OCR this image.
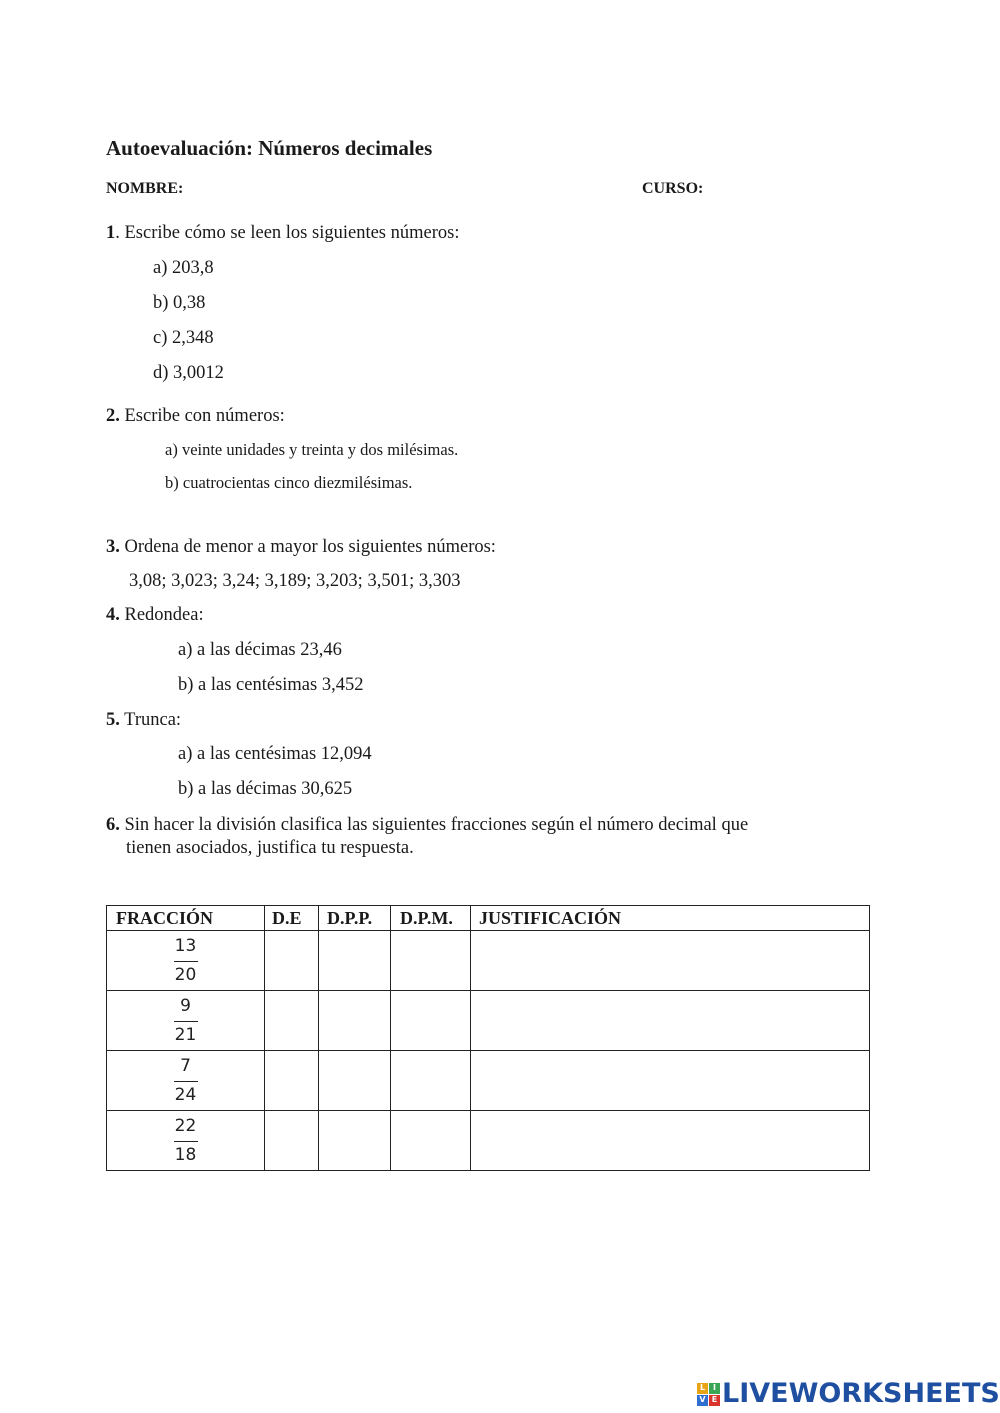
Autoevaluación: Números decimales
NOMBRE:	CURSO:
1. Escribe cómo se leen los siguientes números:
a) 203,8
b) 0,38
c) 2,348
d) 3,0012
2. Escribe con números:
a) veinte unidades y treinta y dos milésimas.
b) cuatrocientas cinco diezmilésimas.
3. Ordena de menor a mayor los siguientes números:
3,08; 3,023; 3,24; 3,189; 3,203; 3,501; 3,303
4. Redondea:
a) a las décimas 23,46
b) a las centésimas 3,452
5. Trunca:
a) a las centésimas 12,094
b) a las décimas 30,625
6. Sin hacer la división clasifica las siguientes fracciones según el número decimal que
tienen asociados, justifica tu respuesta.
FRACCIÓN	D.E	D.P.P.	D.P.M.	JUSTIFICACIÓN

$\frac{13}{20}$

$\frac{9}{21}$

$\frac{7}{24}$

$\frac{22}{18}$

L I
V E LIVEWORKSHEETS
